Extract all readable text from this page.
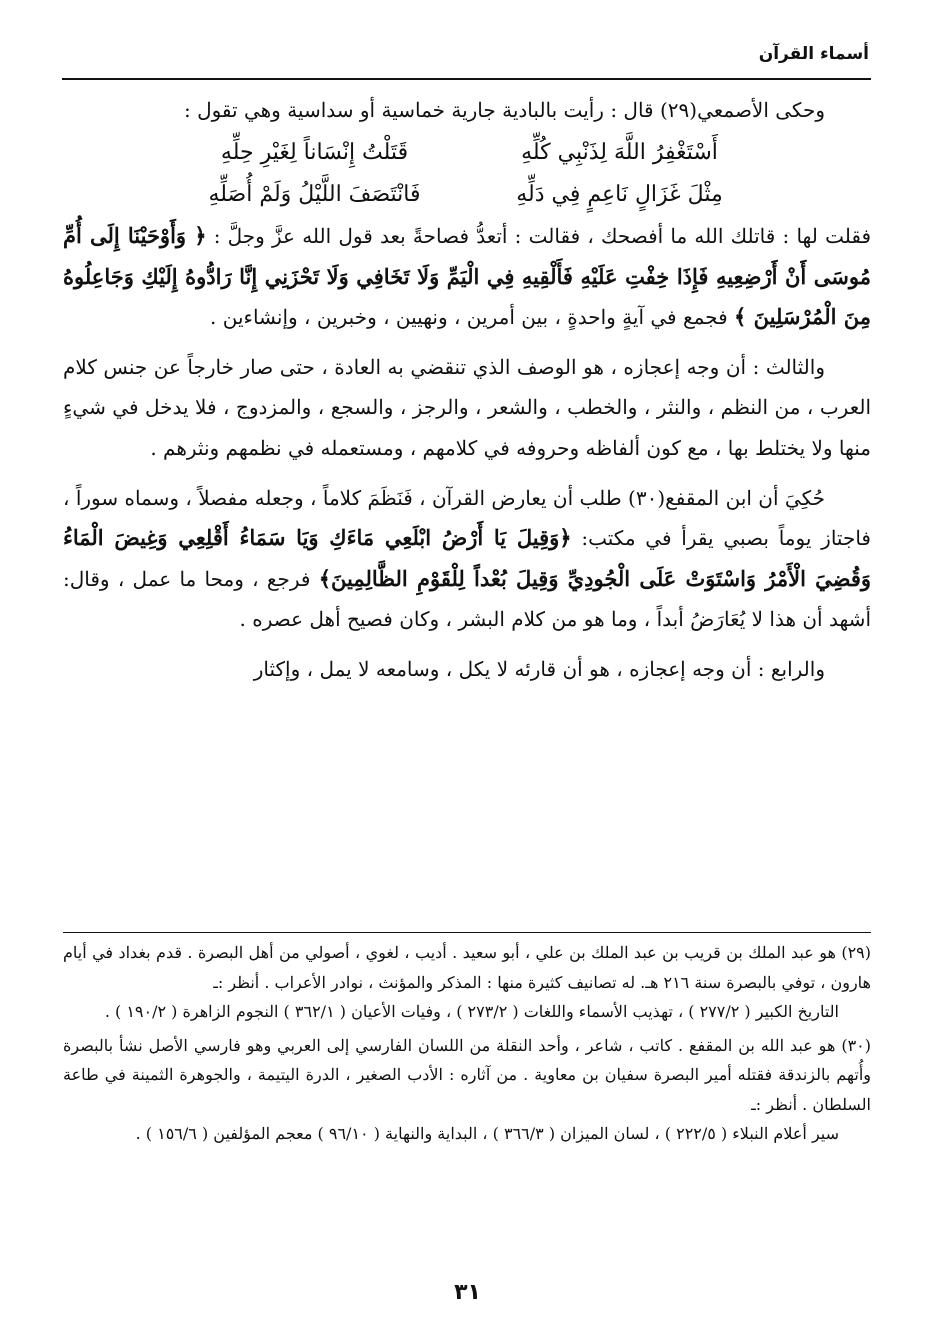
أسماء القرآن

وحكى الأصمعي(٢٩) قال : رأيت بالبادية جارية خماسية أو سداسية وهي تقول :

أَسْتَغْفِرُ اللَّهَ لِذَنْبِي كُلِّهِ
قَتَلْتُ إِنْسَاناً لِغَيْرِ حِلِّهِ
مِثْلَ غَزَالٍ نَاعِمٍ فِي دَلِّهِ
فَانْتَصَفَ اللَّيْلُ وَلَمْ أُصَلِّهِ

فقلت لها : قاتلك الله ما أفصحك ، فقالت : أتعدُّ فصاحةً بعد قول الله عزَّ وجلَّ : ﴿ وَأَوْحَيْنَا إِلَى أُمِّ مُوسَى أَنْ أَرْضِعِيهِ فَإِذَا خِفْتِ عَلَيْهِ فَأَلْقِيهِ فِي الْيَمِّ وَلَا تَخَافِي وَلَا تَحْزَنِي إِنَّا رَادُّوهُ إِلَيْكِ وَجَاعِلُوهُ مِنَ الْمُرْسَلِينَ ﴾ فجمع في آيةٍ واحدةٍ ، بين أمرين ، ونهيين ، وخبرين ، وإنشاءين .

والثالث : أن وجه إعجازه ، هو الوصف الذي تنقضي به العادة ، حتى صار خارجاً عن جنس كلام العرب ، من النظم ، والنثر ، والخطب ، والشعر ، والرجز ، والسجع ، والمزدوج ، فلا يدخل في شيءٍ منها ولا يختلط بها ، مع كون ألفاظه وحروفه في كلامهم ، ومستعمله في نظمهم ونثرهم .

حُكِيَ أن ابن المقفع(٣٠) طلب أن يعارض القرآن ، فَنَظَمَ كلاماً ، وجعله مفصلاً ، وسماه سوراً ، فاجتاز يوماً بصبي يقرأ في مكتب: ﴿وَقِيلَ يَا أَرْضُ ابْلَعِي مَاءَكِ وَيَا سَمَاءُ أَقْلِعِي وَغِيضَ الْمَاءُ وَقُضِيَ الْأَمْرُ وَاسْتَوَتْ عَلَى الْجُودِيِّ وَقِيلَ بُعْداً لِلْقَوْمِ الظَّالِمِينَ﴾ فرجع ، ومحا ما عمل ، وقال: أشهد أن هذا لا يُعَارَضُ أبداً ، وما هو من كلام البشر ، وكان فصيح أهل عصره .

والرابع : أن وجه إعجازه ، هو أن قارئه لا يكل ، وسامعه لا يمل ، وإكثار

(٢٩) هو عبد الملك بن قريب بن عبد الملك بن علي ، أبو سعيد . أديب ، لغوي ، أصولي من أهل البصرة . قدم بغداد في أيام هارون ، توفي بالبصرة سنة ٢١٦ هـ. له تصانيف كثيرة منها : المذكر والمؤنث ، نوادر الأعراب . أنظر :ـ

التاريخ الكبير ( ٢٧٧/٢ ) ، تهذيب الأسماء واللغات ( ٢٧٣/٢ ) ، وفيات الأعيان ( ٣٦٢/١ ) النجوم الزاهرة ( ١٩٠/٢ ) .

(٣٠) هو عبد الله بن المقفع . كاتب ، شاعر ، وأحد النقلة من اللسان الفارسي إلى العربي وهو فارسي الأصل نشأ بالبصرة وأُتهم بالزندقة فقتله أمير البصرة سفيان بن معاوية . من آثاره : الأدب الصغير ، الدرة اليتيمة ، والجوهرة الثمينة في طاعة السلطان . أنظر :ـ

سير أعلام النبلاء ( ٢٢٢/٥ ) ، لسان الميزان ( ٣٦٦/٣ ) ، البداية والنهاية ( ٩٦/١٠ ) معجم المؤلفين ( ١٥٦/٦ ) .

٣١
